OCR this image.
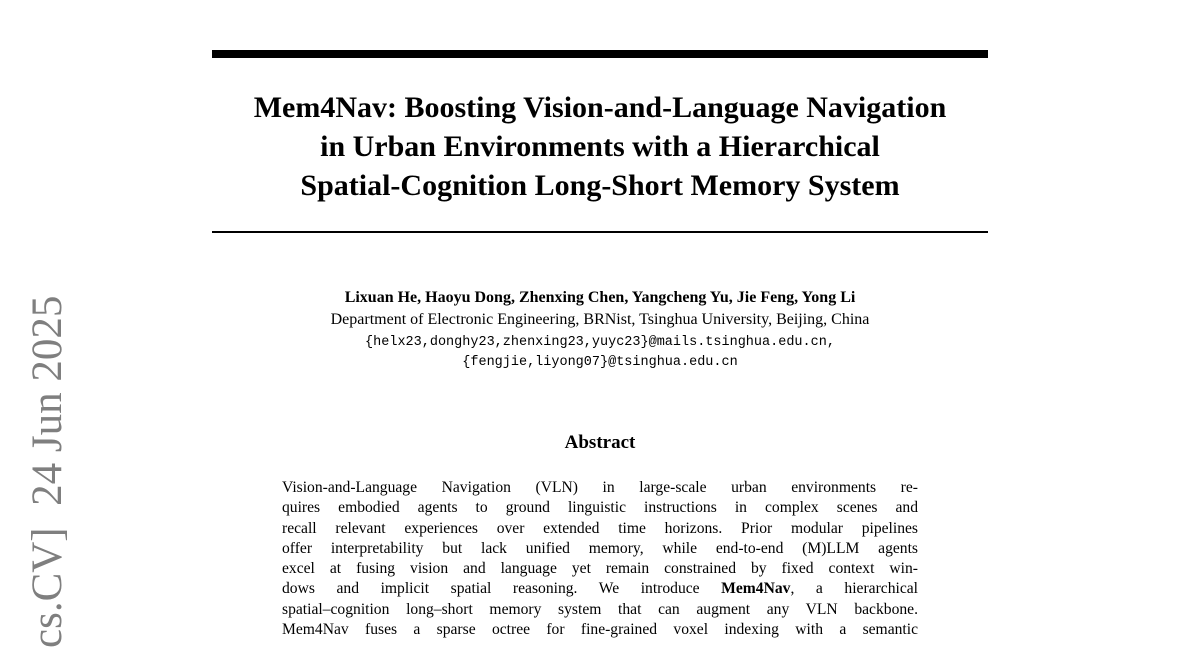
cs.CV]  24 Jun 2025
Mem4Nav: Boosting Vision-and-Language Navigation
in Urban Environments with a Hierarchical
Spatial-Cognition Long-Short Memory System
Lixuan He, Haoyu Dong, Zhenxing Chen, Yangcheng Yu, Jie Feng, Yong Li
Department of Electronic Engineering, BRNist, Tsinghua University, Beijing, China
{helx23,donghy23,zhenxing23,yuyc23}@mails.tsinghua.edu.cn,
{fengjie,liyong07}@tsinghua.edu.cn
Abstract
Vision-and-Language Navigation (VLN) in large-scale urban environments re-
quires embodied agents to ground linguistic instructions in complex scenes and
recall relevant experiences over extended time horizons. Prior modular pipelines
offer interpretability but lack unified memory, while end-to-end (M)LLM agents
excel at fusing vision and language yet remain constrained by fixed context win-
dows and implicit spatial reasoning. We introduce Mem4Nav, a hierarchical
spatial–cognition long–short memory system that can augment any VLN backbone.
Mem4Nav fuses a sparse octree for fine-grained voxel indexing with a semantic
